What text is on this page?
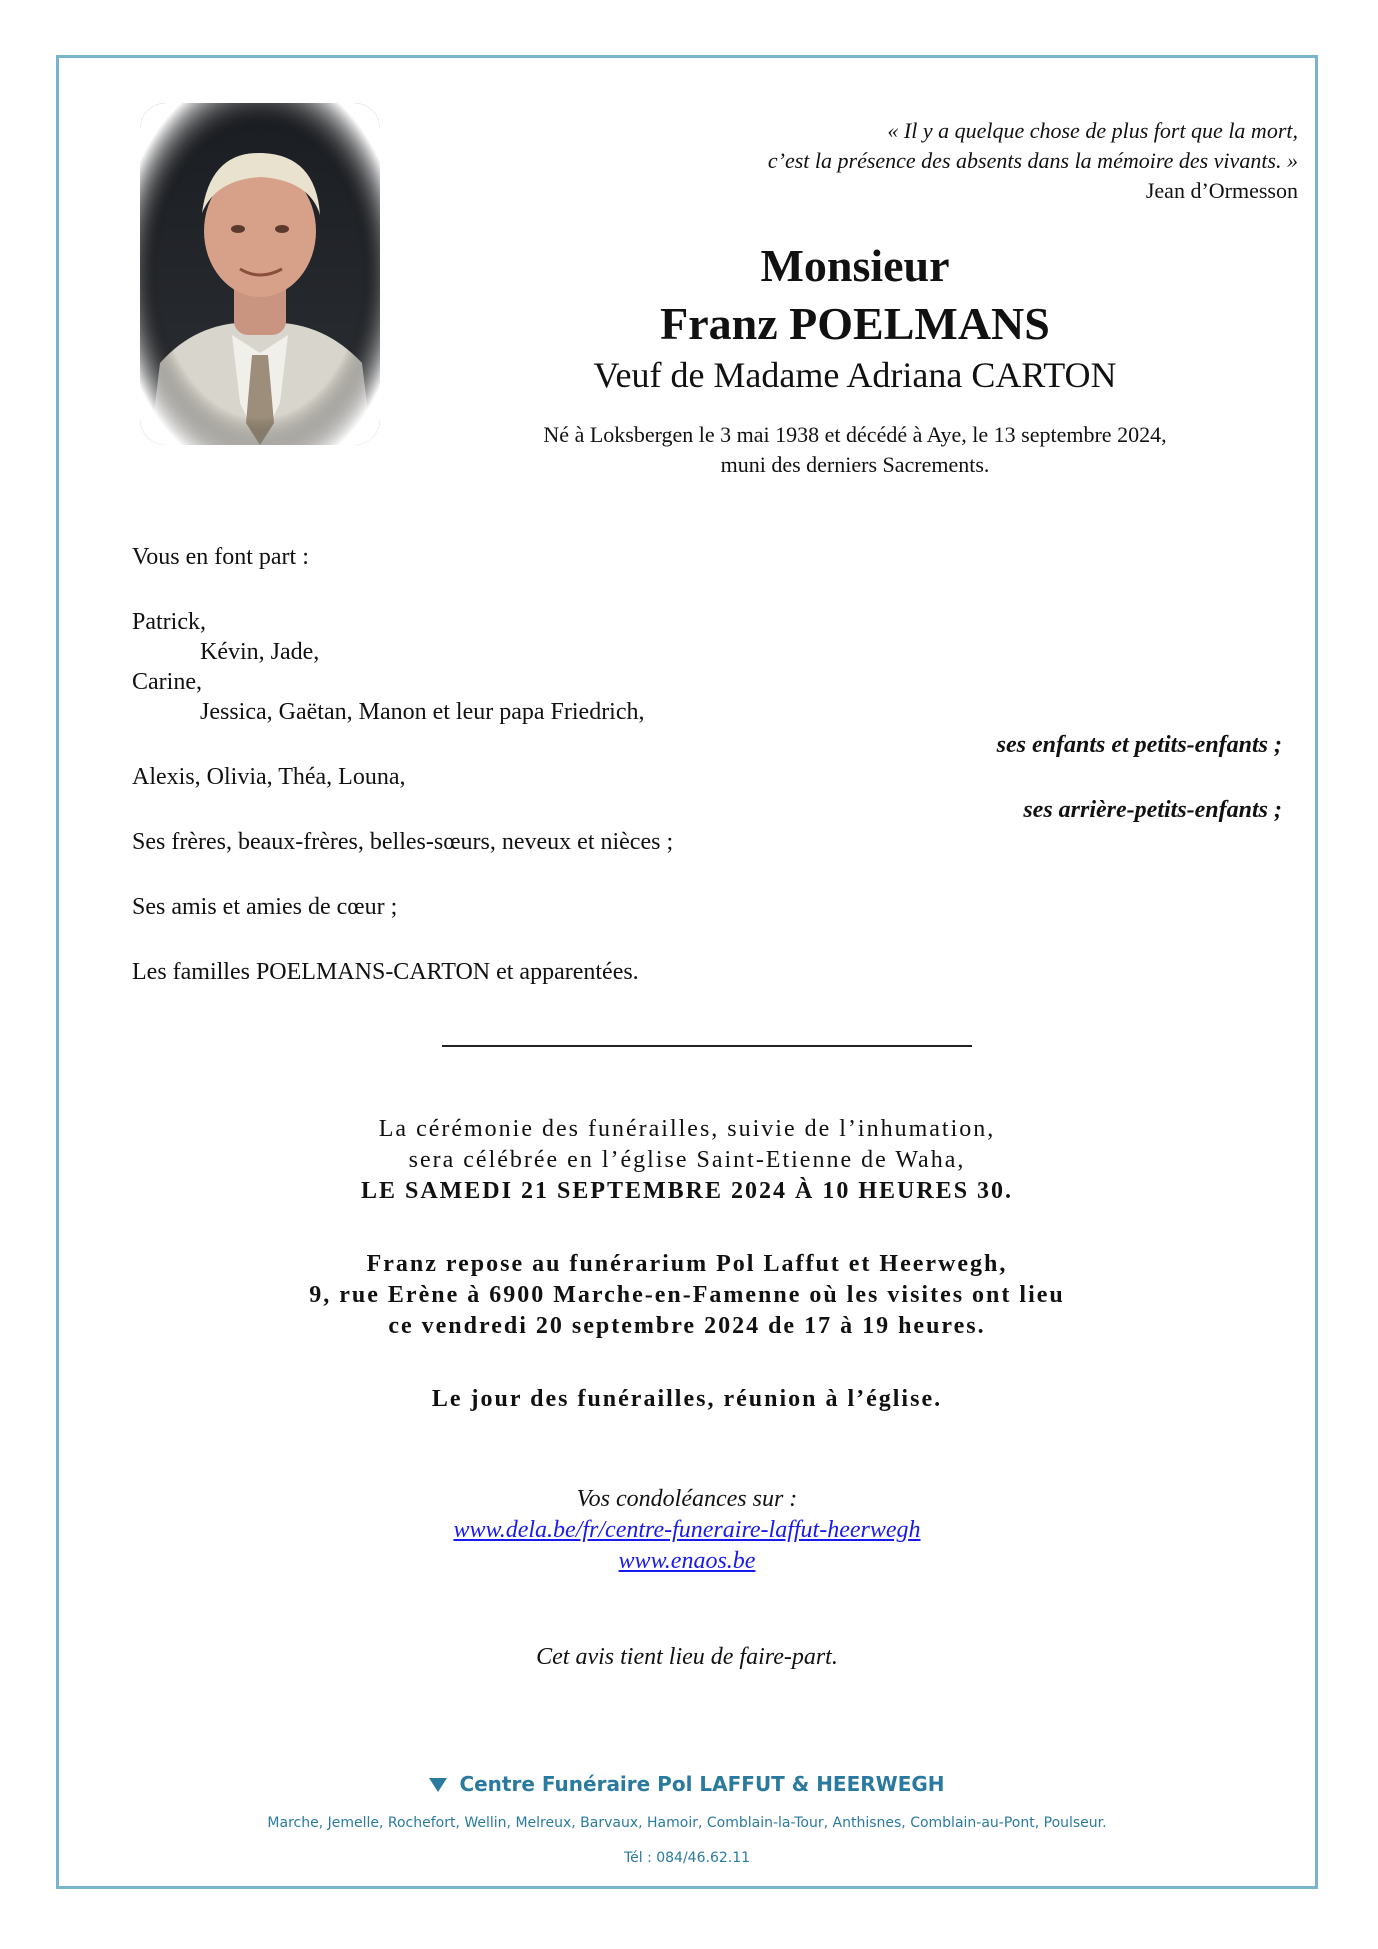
« Il y a quelque chose de plus fort que la mort,
c’est la présence des absents dans la mémoire des vivants. »
Jean d’Ormesson
Monsieur
Franz POELMANS
Veuf de Madame Adriana CARTON
Né à Loksbergen le 3 mai 1938 et décédé à Aye, le 13 septembre 2024,
muni des derniers Sacrements.
Vous en font part :
Patrick,
Kévin, Jade,
Carine,
Jessica, Gaëtan, Manon et leur papa Friedrich,
ses enfants et petits-enfants ;
Alexis, Olivia, Théa, Louna,
ses arrière-petits-enfants ;
Ses frères, beaux-frères, belles-sœurs, neveux et nièces ;
Ses amis et amies de cœur ;
Les familles POELMANS-CARTON et apparentées.
La cérémonie des funérailles, suivie de l’inhumation,
sera célébrée en l’église Saint-Etienne de Waha,
LE SAMEDI 21 SEPTEMBRE 2024 À 10 HEURES 30.
Franz repose au funérarium Pol Laffut et Heerwegh,
9, rue Erène à 6900 Marche-en-Famenne où les visites ont lieu
ce vendredi 20 septembre 2024 de 17 à 19 heures.
Le jour des funérailles, réunion à l’église.
Vos condoléances sur :
www.dela.be/fr/centre-funeraire-laffut-heerwegh
www.enaos.be
Cet avis tient lieu de faire-part.
Centre Funéraire Pol LAFFUT & HEERWEGH
Marche, Jemelle, Rochefort, Wellin, Melreux, Barvaux, Hamoir, Comblain-la-Tour, Anthisnes, Comblain-au-Pont, Poulseur.
Tél : 084/46.62.11
